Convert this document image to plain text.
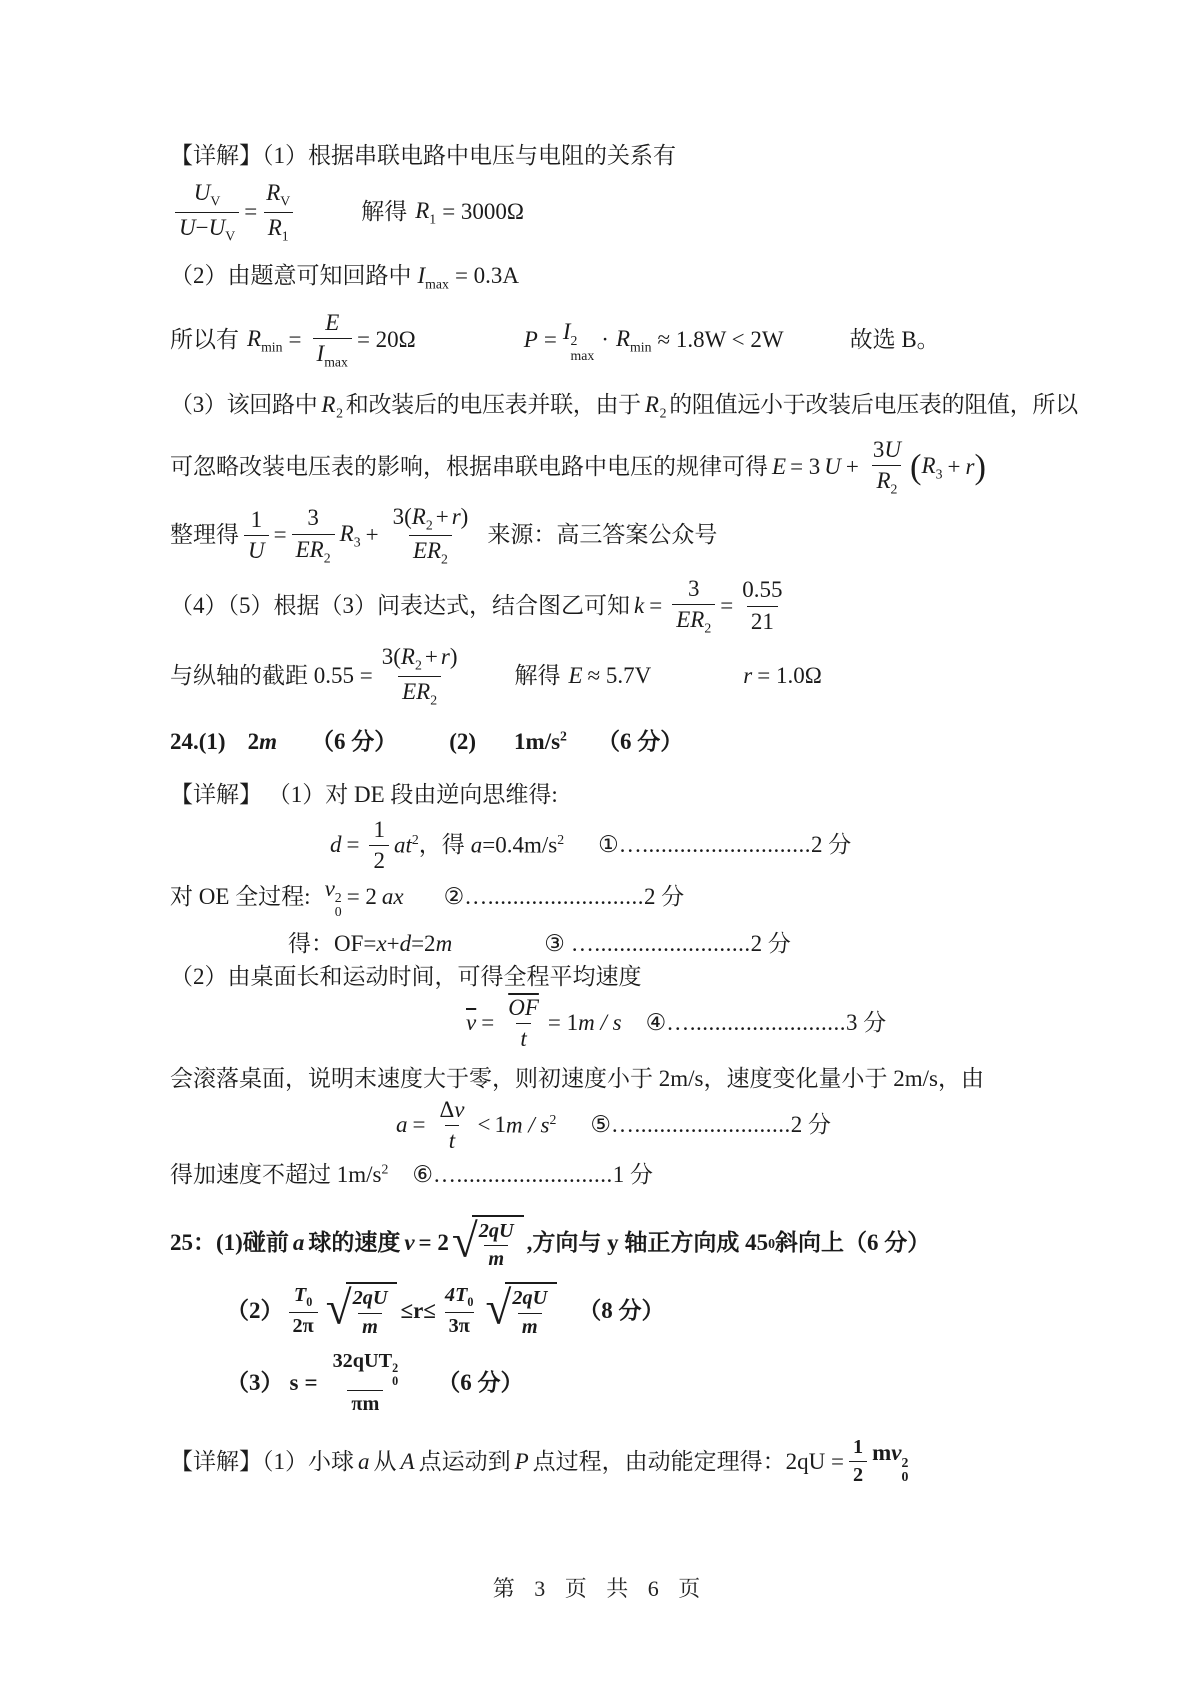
【详解】（1）根据串联电路中电压与电阻的关系有

$\frac{U_V}{U-U_V} = \frac{R_V}{R_1}$	解得 $R_1 = 3000\Omega$

（2）由题意可知回路中 $I_{max} = 0.3A$

所以有 $R_{min} = \frac{E}{I_{max}} = 20\Omega$	P = I 2
max
· $R_{min} \approx 1.8W < 2W$	故选 B。

（3）该回路中 $R_2$ 和改装后的电压表并联，由于 $R_2$ 的阻值远小于改装后电压表的阻值，所以

可忽略改装电压表的影响，根据串联电路中电压的规律可得 E = 3 $U + \frac{3U}{R_2}$ ( $R_3 + r$ )
整理得 $\frac{1}{U} = \frac{3}{ER_2} R_3 + \frac{3(R_2 + r)}{ER_2}$ 来源：高三答案公众号
（4）（5）根据（3）问表达式，结合图乙可知 $k = \frac{3}{ER_2} = \frac{0.55}{21}$
与纵轴的截距 $0.55 = \frac{3(R_2 + r)}{ER_2}$ 解得 E ≈ 5.7V	r = 1.0Ω

24.(1) 2m （6 分） (2) $1m/s^2$ （6 分）

【详解】 （1）对 DE 段由逆向思维得:

$d = \frac{1}{2} at^2$ ，得 $a=0.4m/s^2$ ① …........................... 2 分
对 OE 全过程: v 2
0
= 2 ax ② …......................... 2 分
得：OF= x + d =2 m	③ …......................... 2 分

（2）由桌面长和运动时间，可得全程平均速度

$\overline{v} = \frac{\overline{OF}}{t} = 1$ m / s ④ …......................... 3 分

会滚落桌面，说明末速度大于零，则初速度小于 2m/s，速度变化量小于 2m/s，由

$a = \frac{\Delta v}{t} < 1$ m / $s^2$ ⑤ …......................... 2 分

得加速度不超过 $1m/s^2$ ⑥….........................1 分

25：(1)碰前 a 球的速度 v = 2 √
$\frac{2qU}{m}$ ,方向与 y 轴正方向成 45 0 斜向上（6 分）
$(2) \frac{T_0}{2\pi}$ √
$\frac{2qU}{m} \le r \le \frac{4T_0}{3\pi}$ √
$\frac{2qU}{m} (8$ 分）
（3） s = 32qUT 2
0
πm （6 分）
【详解】（1）小球 a 从 A 点运动到 P 点过程，由动能定理得：$2qU = \frac{1}{2}$ mv 2
0
第 3 页 共 6 页
